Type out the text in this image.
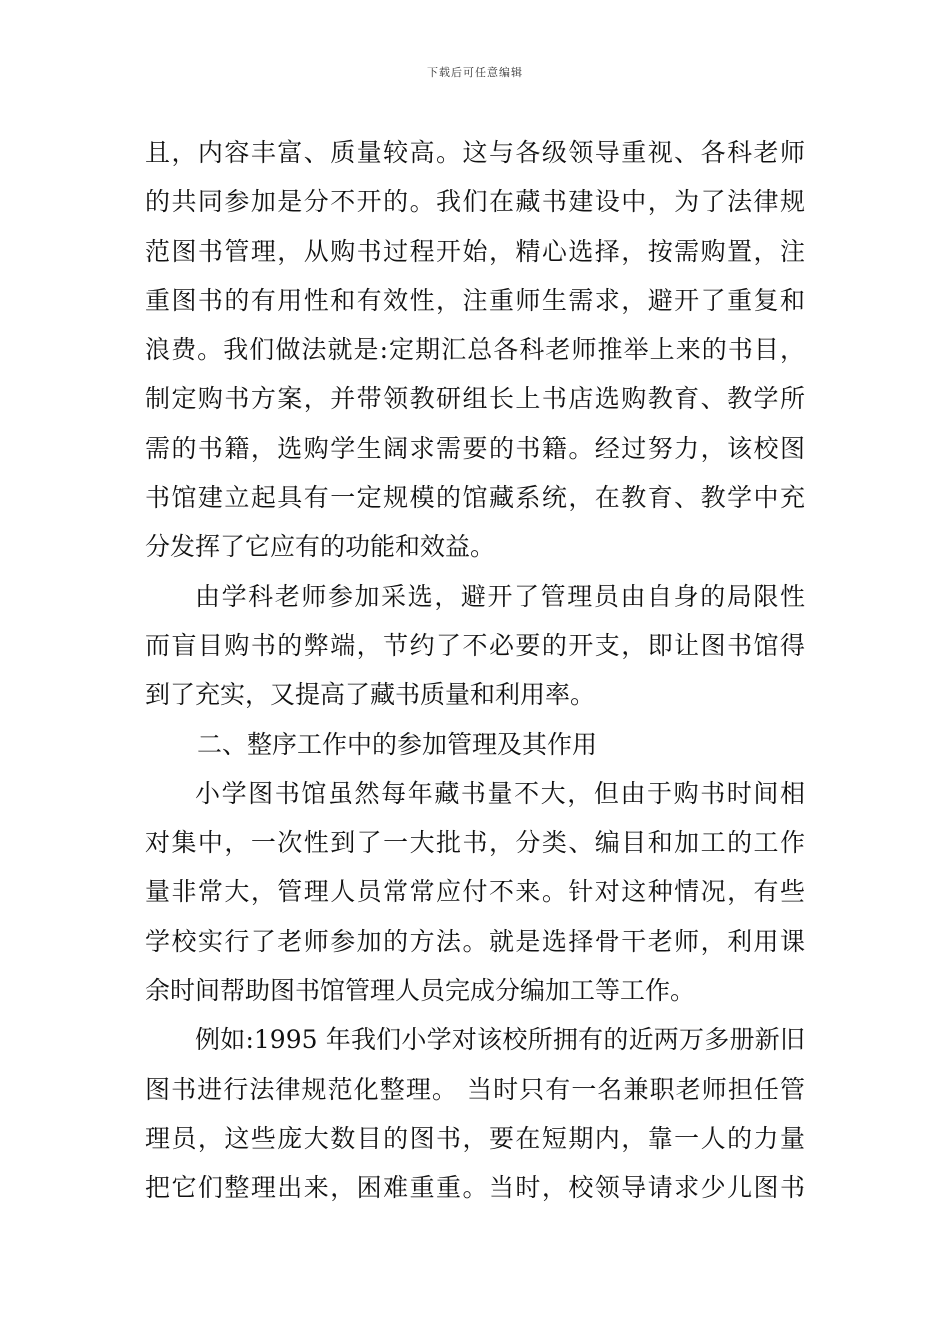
下载后可任意编辑
且，内容丰富、质量较高。这与各级领导重视、各科老师
的共同参加是分不开的。我们在藏书建设中，为了法律规
范图书管理，从购书过程开始，精心选择，按需购置，注
重图书的有用性和有效性，注重师生需求，避开了重复和
浪费。我们做法就是:定期汇总各科老师推举上来的书目，
制定购书方案，并带领教研组长上书店选购教育、教学所
需的书籍，选购学生阔求需要的书籍。经过努力，该校图
书馆建立起具有一定规模的馆藏系统，在教育、教学中充
分发挥了它应有的功能和效益。
由学科老师参加采选，避开了管理员由自身的局限性
而盲目购书的弊端，节约了不必要的开支，即让图书馆得
到了充实，又提高了藏书质量和利用率。
二、整序工作中的参加管理及其作用
小学图书馆虽然每年藏书量不大，但由于购书时间相
对集中，一次性到了一大批书，分类、编目和加工的工作
量非常大，管理人员常常应付不来。针对这种情况，有些
学校实行了老师参加的方法。就是选择骨干老师，利用课
余时间帮助图书馆管理人员完成分编加工等工作。
例如:1995 年我们小学对该校所拥有的近两万多册新旧
图书进行法律规范化整理。 当时只有一名兼职老师担任管
理员，这些庞大数目的图书，要在短期内，靠一人的力量
把它们整理出来，困难重重。当时，校领导请求少儿图书
